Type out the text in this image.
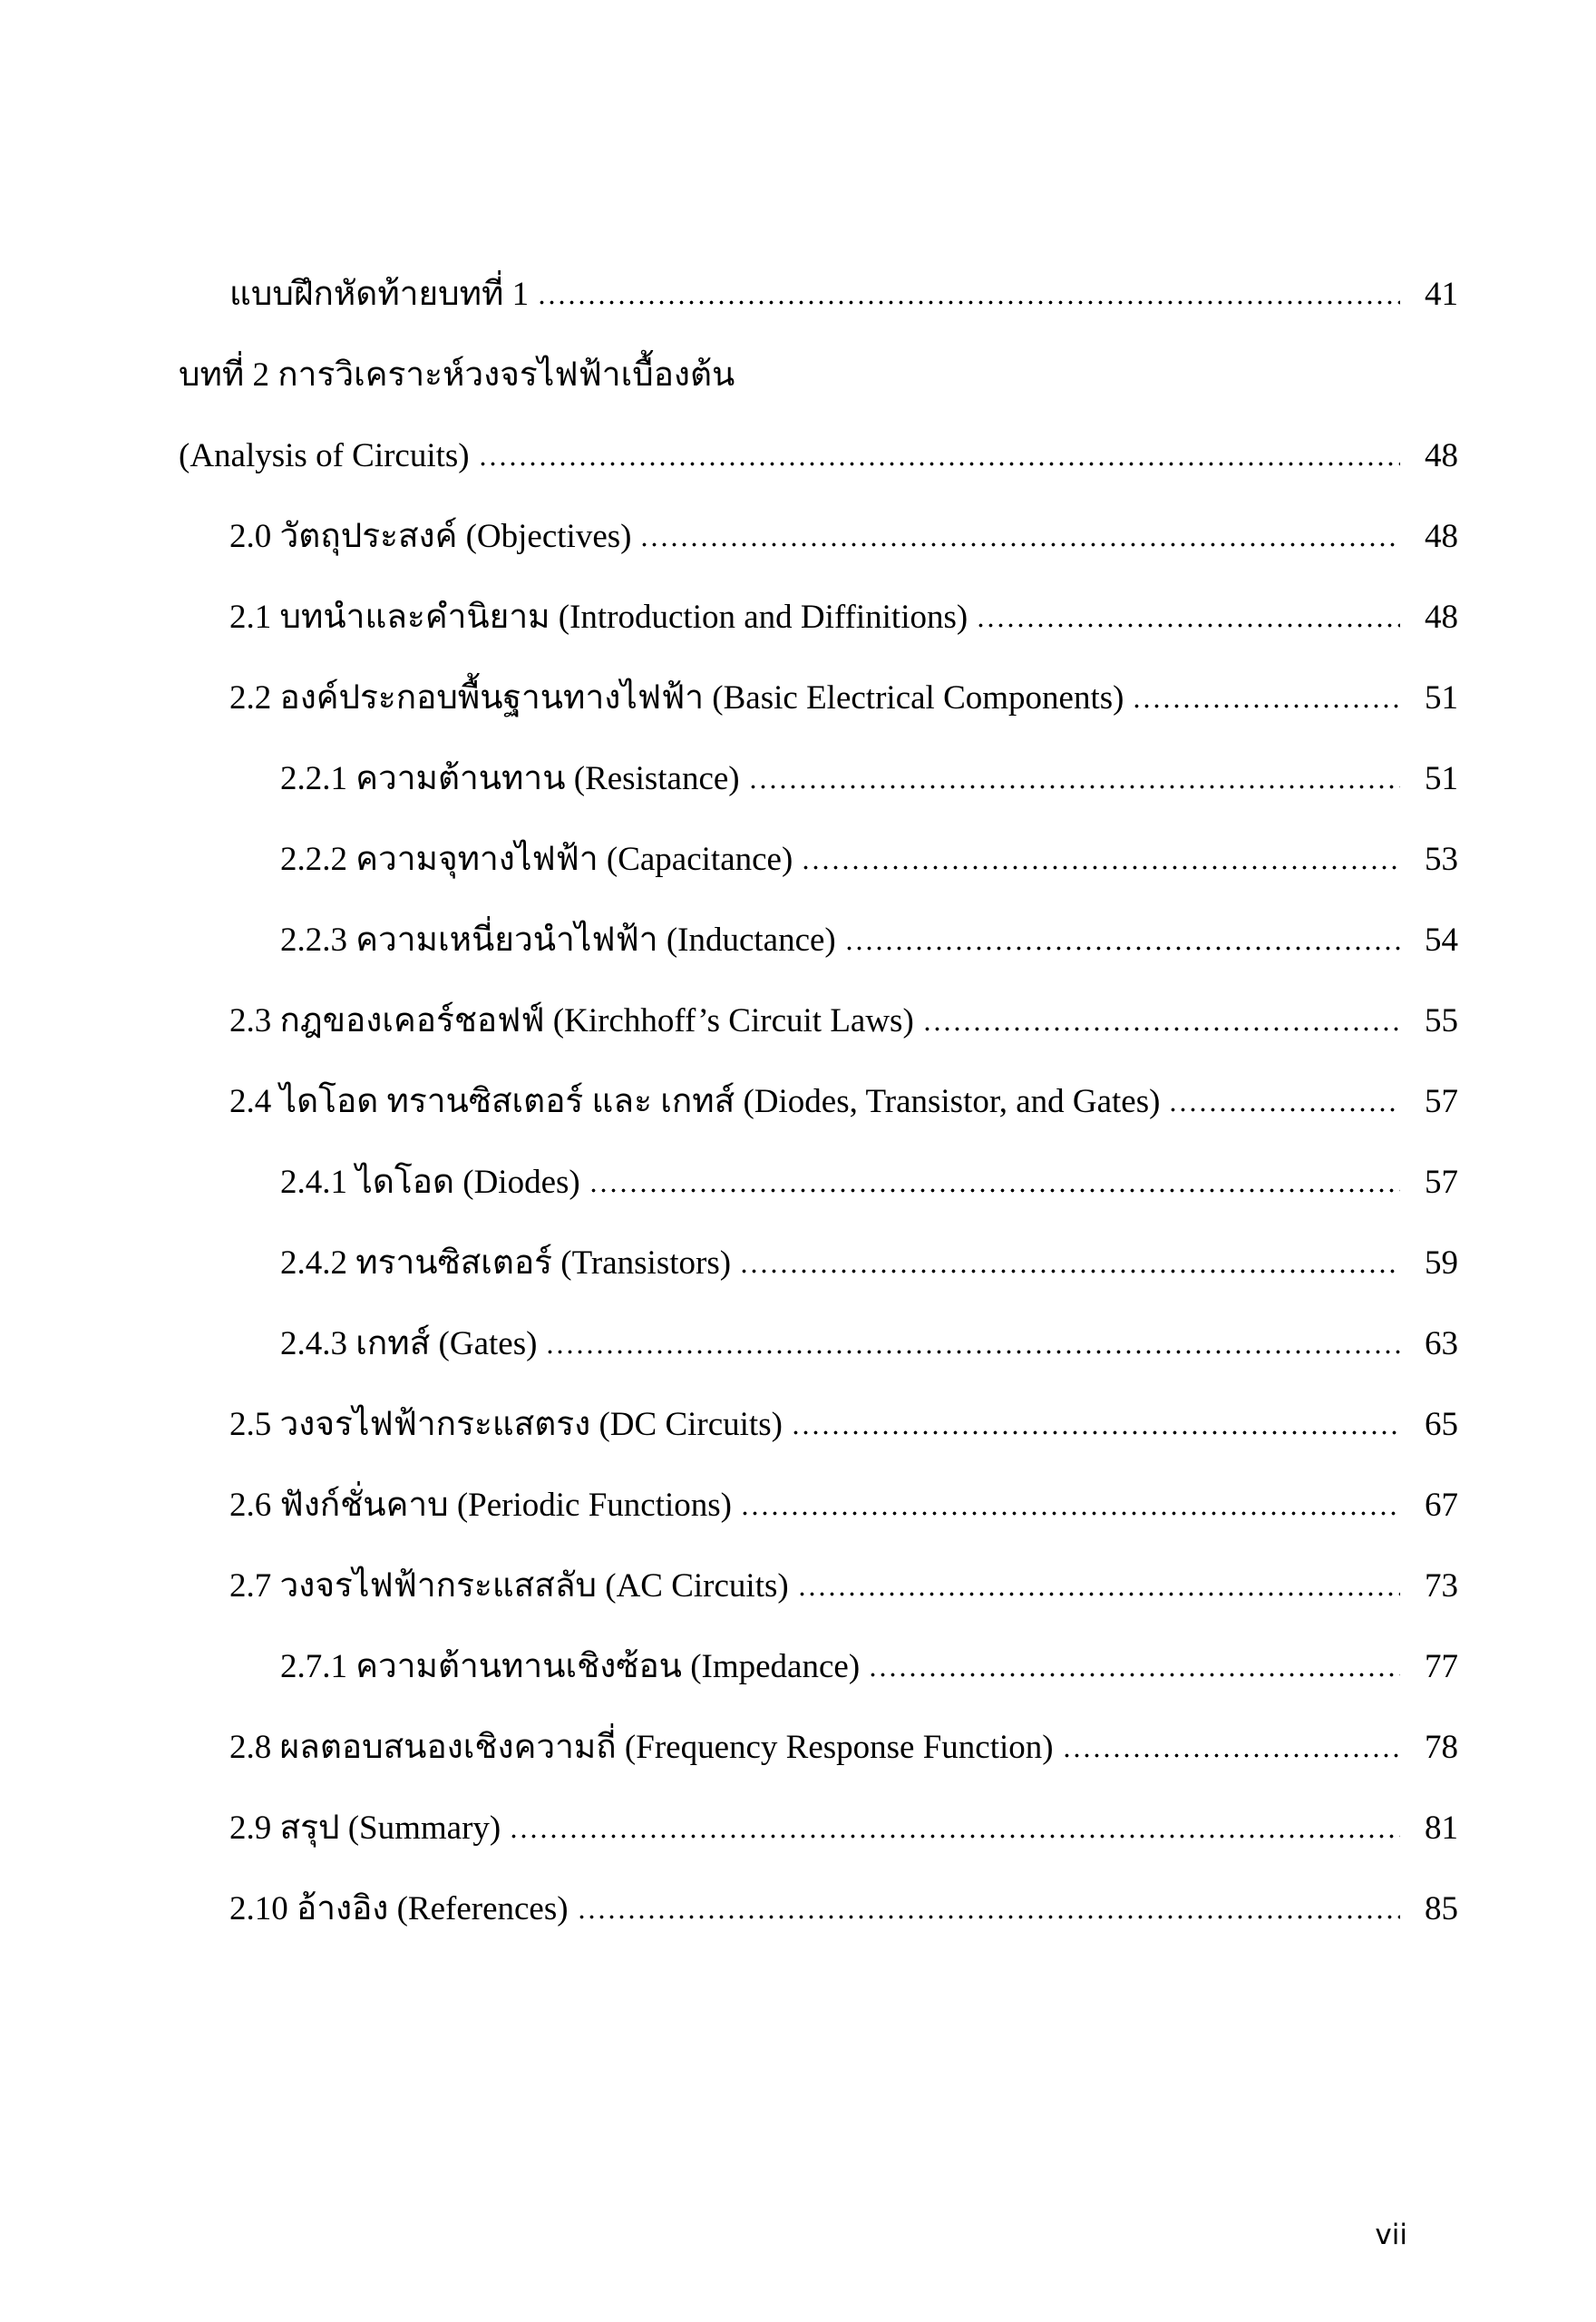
แบบฝึกหัดท้ายบทที่ 1	41
บทที่ 2 การวิเคราะห์วงจรไฟฟ้าเบื้องต้น
(Analysis of Circuits)	48
2.0 วัตถุประสงค์ (Objectives)	48
2.1 บทนำและคำนิยาม (Introduction and Diffinitions)	48
2.2 องค์ประกอบพื้นฐานทางไฟฟ้า (Basic Electrical Components)	51
2.2.1 ความต้านทาน (Resistance)	51
2.2.2 ความจุทางไฟฟ้า (Capacitance)	53
2.2.3 ความเหนี่ยวนำไฟฟ้า (Inductance)	54
2.3 กฎของเคอร์ชอฟฟ์ (Kirchhoff’s Circuit Laws)	55
2.4 ไดโอด ทรานซิสเตอร์ และ เกทส์ (Diodes, Transistor, and Gates)	57
2.4.1 ไดโอด (Diodes)	57
2.4.2 ทรานซิสเตอร์ (Transistors)	59
2.4.3 เกทส์ (Gates)	63
2.5 วงจรไฟฟ้ากระแสตรง (DC Circuits)	65
2.6 ฟังก์ชั่นคาบ (Periodic Functions)	67
2.7 วงจรไฟฟ้ากระแสสลับ (AC Circuits)	73
2.7.1 ความต้านทานเชิงซ้อน (Impedance)	77
2.8 ผลตอบสนองเชิงความถี่ (Frequency Response Function)	78
2.9 สรุป (Summary)	81
2.10 อ้างอิง (References)	85
vii
